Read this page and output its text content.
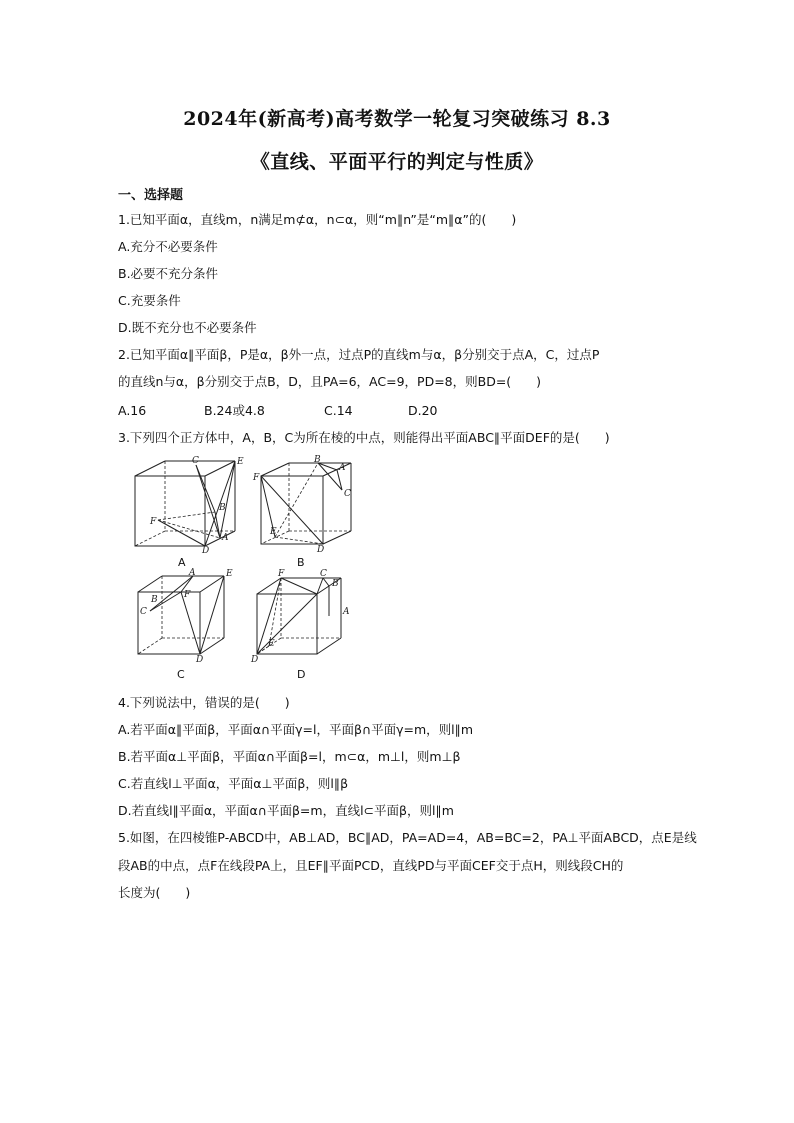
2024年(新高考)高考数学一轮复习突破练习 8.3
《直线、平面平行的判定与性质》
一、选择题
1.已知平面α，直线m，n满足m⊄α，n⊂α，则“m∥n”是“m∥α”的(　　)
A.充分不必要条件
B.必要不充分条件
C.充要条件
D.既不充分也不必要条件
2.已知平面α∥平面β，P是α，β外一点，过点P的直线m与α，β分别交于点A，C，过点P
的直线n与α，β分别交于点B，D，且PA=6，AC=9，PD=8，则BD=(　　)
A.16	B.24或4.8	C.14	D.20
3.下列四个正方体中，A，B，C为所在棱的中点，则能得出平面ABC∥平面DEF的是(　　)
C	E
B
F
A
D
A
B
A
C
F
E
D
B
A	E
B	F
C
D
C
F	C
B
A
E
D
D
4.下列说法中，错误的是(　　)
A.若平面α∥平面β，平面α∩平面γ=l，平面β∩平面γ=m，则l∥m
B.若平面α⊥平面β，平面α∩平面β=l，m⊂α，m⊥l，则m⊥β
C.若直线l⊥平面α，平面α⊥平面β，则l∥β
D.若直线l∥平面α，平面α∩平面β=m，直线l⊂平面β，则l∥m
5.如图，在四棱锥P-ABCD中，AB⊥AD，BC∥AD，PA=AD=4，AB=BC=2，PA⊥平面ABCD，点E是线
段AB的中点，点F在线段PA上，且EF∥平面PCD，直线PD与平面CEF交于点H，则线段CH的
长度为(　　)
